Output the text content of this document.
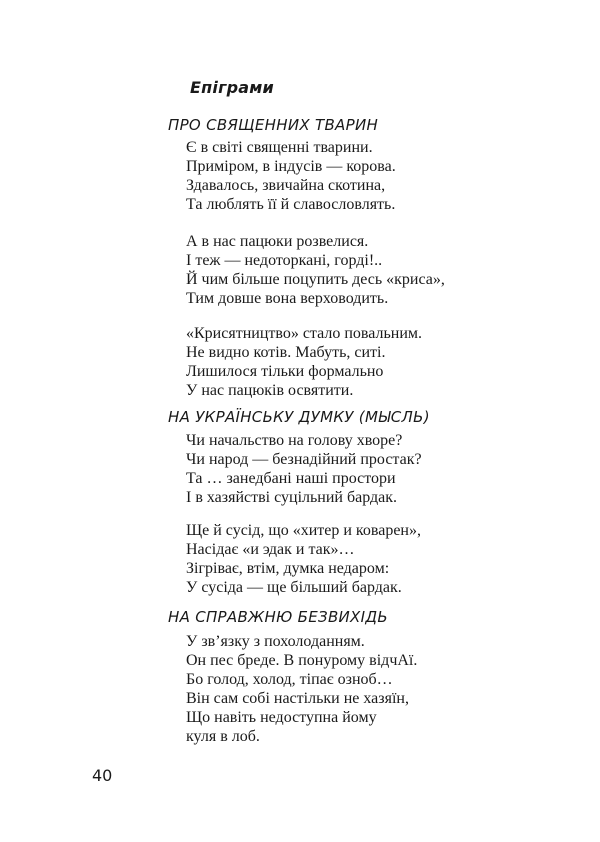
Епіграми
ПРО СВЯЩЕННИХ ТВАРИН
Є в світі священні тварини.
Приміром, в індусів — корова.
Здавалось, звичайна скотина,
Та люблять її й славословлять.
А в нас пацюки розвелися.
І теж — недоторкані, горді!..
Й чим більше поцупить десь «криса»,
Тим довше вона верховодить.
«Крисятництво» стало повальним.
Не видно котів. Мабуть, ситі.
Лишилося тільки формально
У нас пацюків освятити.
НА УКРАЇНСЬКУ ДУМКУ (МЫСЛЬ)
Чи начальство на голову хворе?
Чи народ — безнадійний простак?
Та … занедбані наші простори
І в хазяйстві суцільний бардак.
Ще й сусід, що «хитер и коварен»,
Насідає «и эдак и так»…
Зігріває, втім, думка недаром:
У сусіда — ще більший бардак.
НА СПРАВЖНЮ БЕЗВИХІДЬ
У зв’язку з похолоданням.
Он пес бреде. В понурому відчАї.
Бо голод, холод, тіпає озноб…
Він сам собі настільки не хазяїн,
Що навіть недоступна йому
куля в лоб.
40
